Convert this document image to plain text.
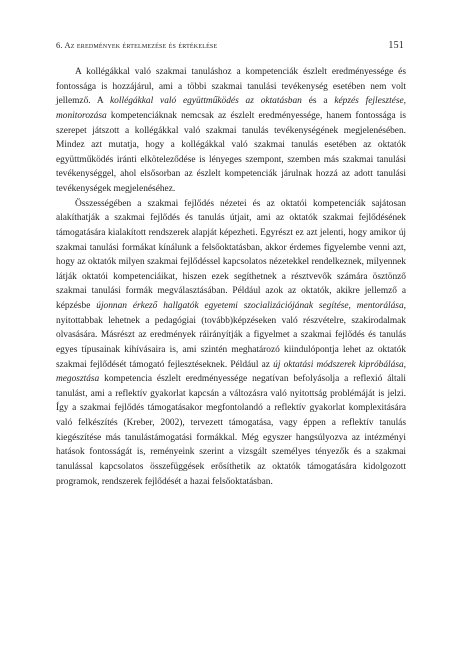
6. Az eredmények értelmezése és értékelése	151

A kollégákkal való szakmai tanuláshoz a kompetenciák észlelt eredményessége és fontossága is hozzájárul, ami a többi szakmai tanulási tevékenység esetében nem volt jellemző. A kollégákkal való együttműködés az oktatásban és a képzés fejlesztése, monitorozása kompetenciáknak nemcsak az észlelt eredményessége, hanem fontossága is szerepet játszott a kollégákkal való szakmai tanulás tevékenységének megjelenésében. Mindez azt mutatja, hogy a kollégákkal való szakmai tanulás esetében az oktatók együttműködés iránti elköteleződése is lényeges szempont, szemben más szakmai tanulási tevékenységgel, ahol elsősorban az észlelt kompetenciák járulnak hozzá az adott tanulási tevékenységek megjelenéséhez.

Összességében a szakmai fejlődés nézetei és az oktatói kompetenciák sajátosan alakíthatják a szakmai fejlődés és tanulás útjait, ami az oktatók szakmai fejlődésének támogatására kialakított rendszerek alapját képezheti. Egyrészt ez azt jelenti, hogy amikor új szakmai tanulási formákat kínálunk a felsőoktatásban, akkor érdemes figyelembe venni azt, hogy az oktatók milyen szakmai fejlődéssel kapcsolatos nézetekkel rendelkeznek, milyennek látják oktatói kompetenciáikat, hiszen ezek segíthetnek a résztvevők számára ösztönző szakmai tanulási formák megválasztásában. Például azok az oktatók, akikre jellemző a képzésbe újonnan érkező hallgatók egyetemi szocializációjának segítése, mentorálása, nyitottabbak lehetnek a pedagógiai (tovább)képzéseken való részvételre, szakirodalmak olvasására. Másrészt az eredmények ráirányítják a figyelmet a szakmai fejlődés és tanulás egyes típusainak kihívásaira is, ami szintén meghatározó kiindulópontja lehet az oktatók szakmai fejlődését támogató fejlesztéseknek. Például az új oktatási módszerek kipróbálása, megosztása kompetencia észlelt eredményessége negatívan befolyásolja a reflexió általi tanulást, ami a reflektív gyakorlat kapcsán a változásra való nyitottság problémáját is jelzi. Így a szakmai fejlődés támogatásakor megfontolandó a reflektív gyakorlat komplexitására való felkészítés (Kreber, 2002), tervezett támogatása, vagy éppen a reflektív tanulás kiegészítése más tanulástámogatási formákkal. Még egyszer hangsúlyozva az intézményi hatások fontosságát is, reményeink szerint a vizsgált személyes tényezők és a szakmai tanulással kapcsolatos összefüggések erősíthetik az oktatók támogatására kidolgozott programok, rendszerek fejlődését a hazai felsőoktatásban.
